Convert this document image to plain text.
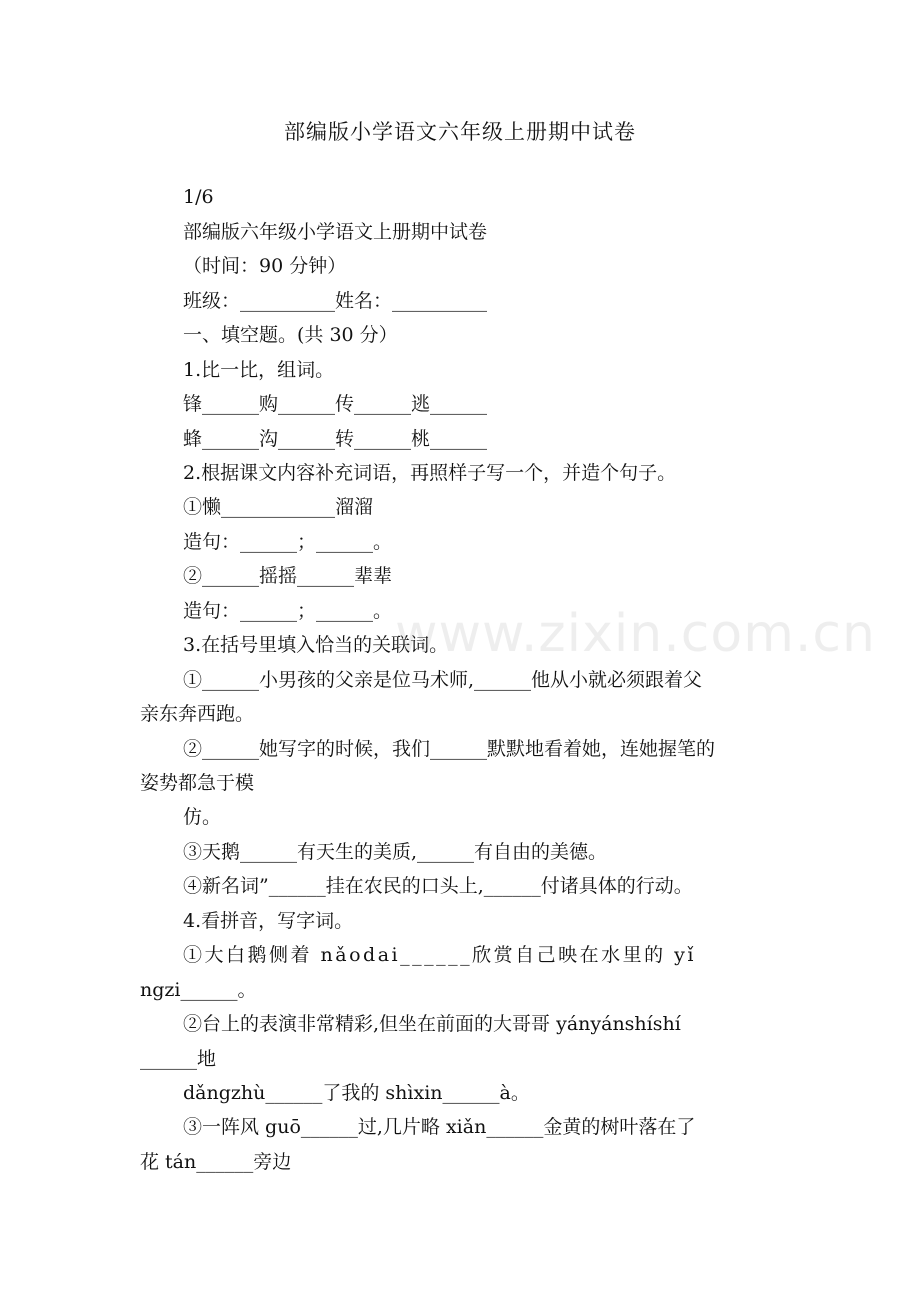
部编版小学语文六年级上册期中试卷
1/6
部编版六年级小学语文上册期中试卷
（时间：90 分钟）
班级：__________姓名：__________
一、填空题。(共 30 分）
1.比一比，组词。
锋______购______传______逃______
蜂______沟______转______桃______
2.根据课文内容补充词语，再照样子写一个，并造个句子。
①懒____________溜溜
造句：______；______。
②______摇摇______辈辈
造句：______；______。
3.在括号里填入恰当的关联词。
①______小男孩的父亲是位马术师,______他从小就必须跟着父
亲东奔西跑。
②______她写字的时候，我们______默默地看着她，连她握笔的
姿势都急于模
仿。
③天鹅______有天生的美质,______有自由的美德。
④新名词”______挂在农民的口头上,______付诸具体的行动。
4.看拼音，写字词。
①大白鹅侧着 nǎodai______欣赏自己映在水里的 yǐ
ngzi______。
②台上的表演非常精彩,但坐在前面的大哥哥 yányánshíshí
______地
dǎngzhù______了我的 shìxin______à。
③一阵风 guō______过,几片略 xiǎn______金黄的树叶落在了
花 tán______旁边
www.zixin.com.cn
